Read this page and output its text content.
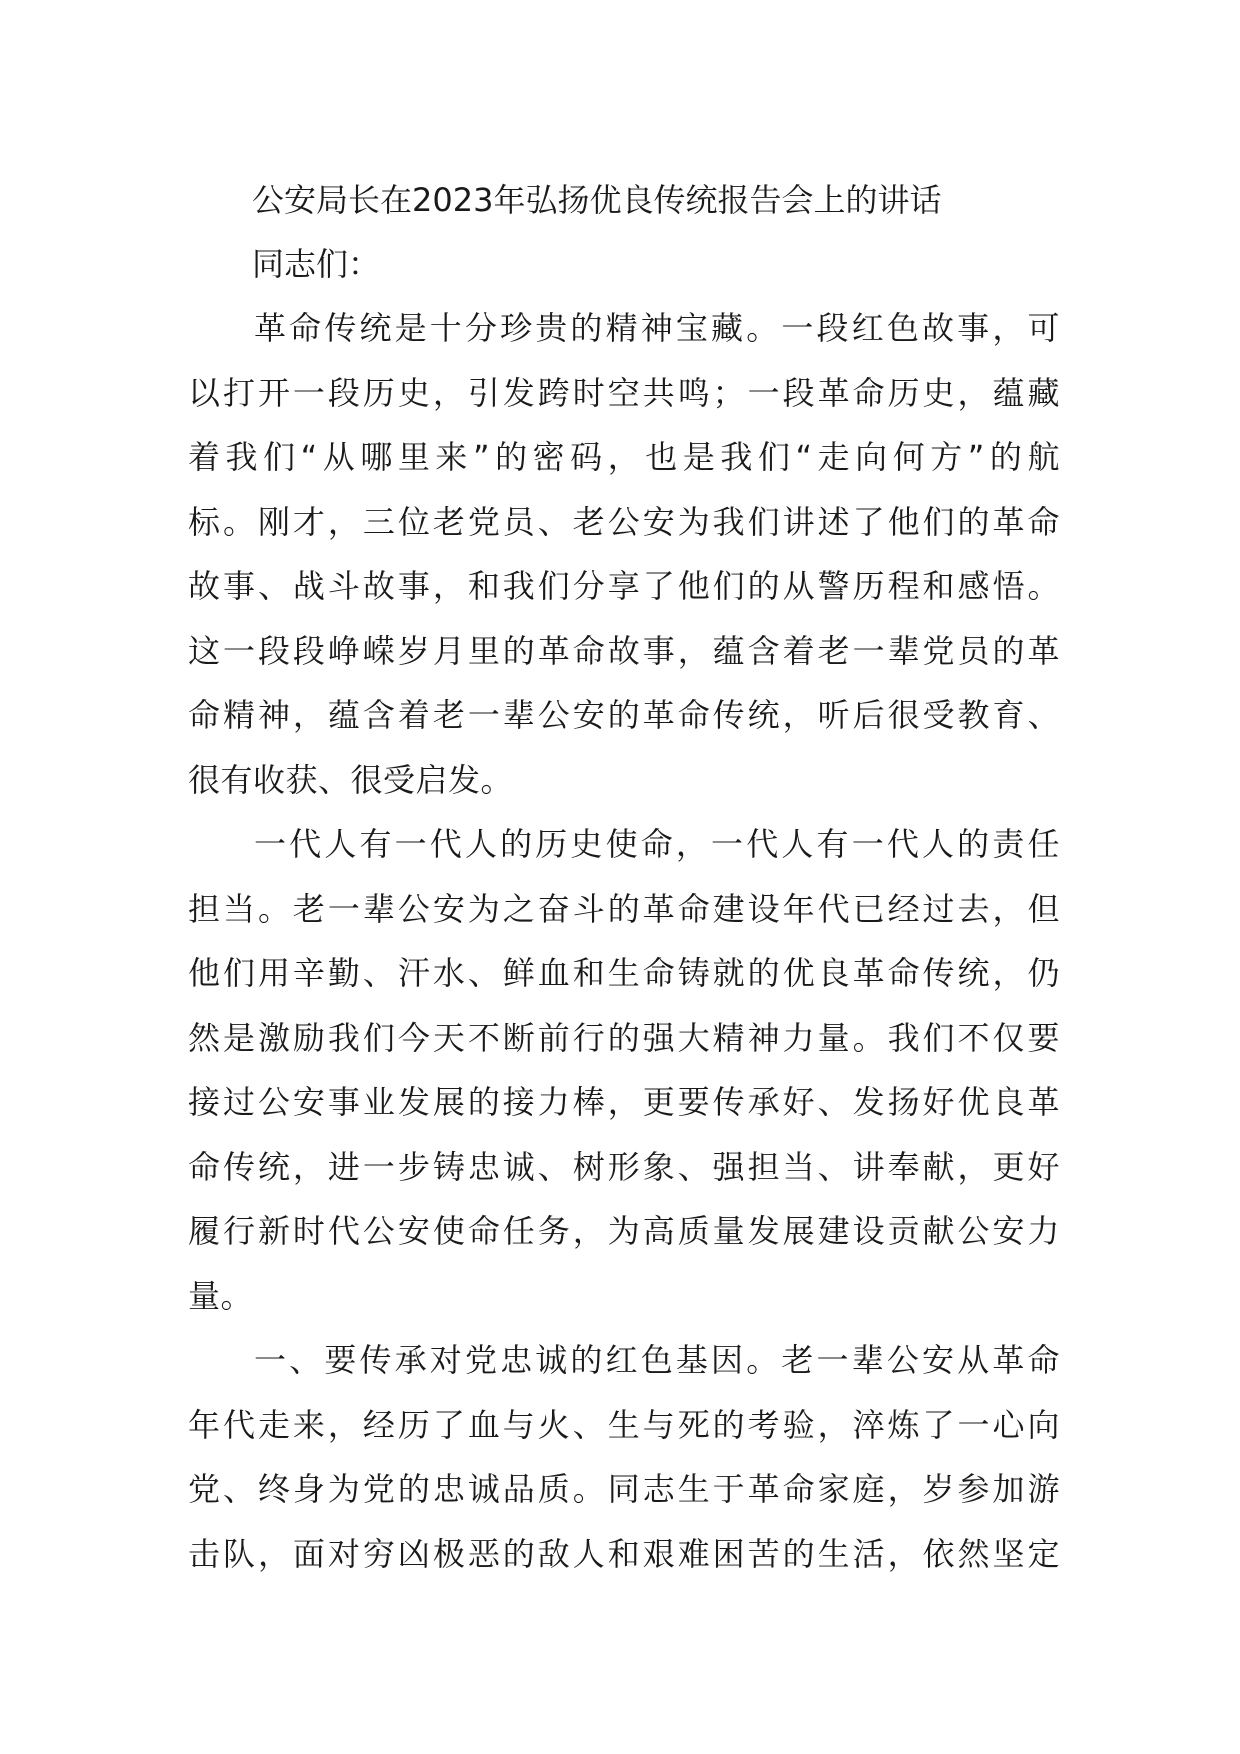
公安局长在2023年弘扬优良传统报告会上的讲话

同志们：

革命传统是十分珍贵的精神宝藏。一段红色故事，可
以打开一段历史，引发跨时空共鸣；一段革命历史，蕴藏
着我们“从哪里来”的密码，也是我们“走向何方”的航
标。刚才，三位老党员、老公安为我们讲述了他们的革命
故事、战斗故事，和我们分享了他们的从警历程和感悟。
这一段段峥嵘岁月里的革命故事，蕴含着老一辈党员的革
命精神，蕴含着老一辈公安的革命传统，听后很受教育、
很有收获、很受启发。
一代人有一代人的历史使命，一代人有一代人的责任
担当。老一辈公安为之奋斗的革命建设年代已经过去，但
他们用辛勤、汗水、鲜血和生命铸就的优良革命传统，仍
然是激励我们今天不断前行的强大精神力量。我们不仅要
接过公安事业发展的接力棒，更要传承好、发扬好优良革
命传统，进一步铸忠诚、树形象、强担当、讲奉献，更好
履行新时代公安使命任务，为高质量发展建设贡献公安力
量。
一、要传承对党忠诚的红色基因。老一辈公安从革命
年代走来，经历了血与火、生与死的考验，淬炼了一心向
党、终身为党的忠诚品质。同志生于革命家庭，岁参加游
击队，面对穷凶极恶的敌人和艰难困苦的生活，依然坚定
